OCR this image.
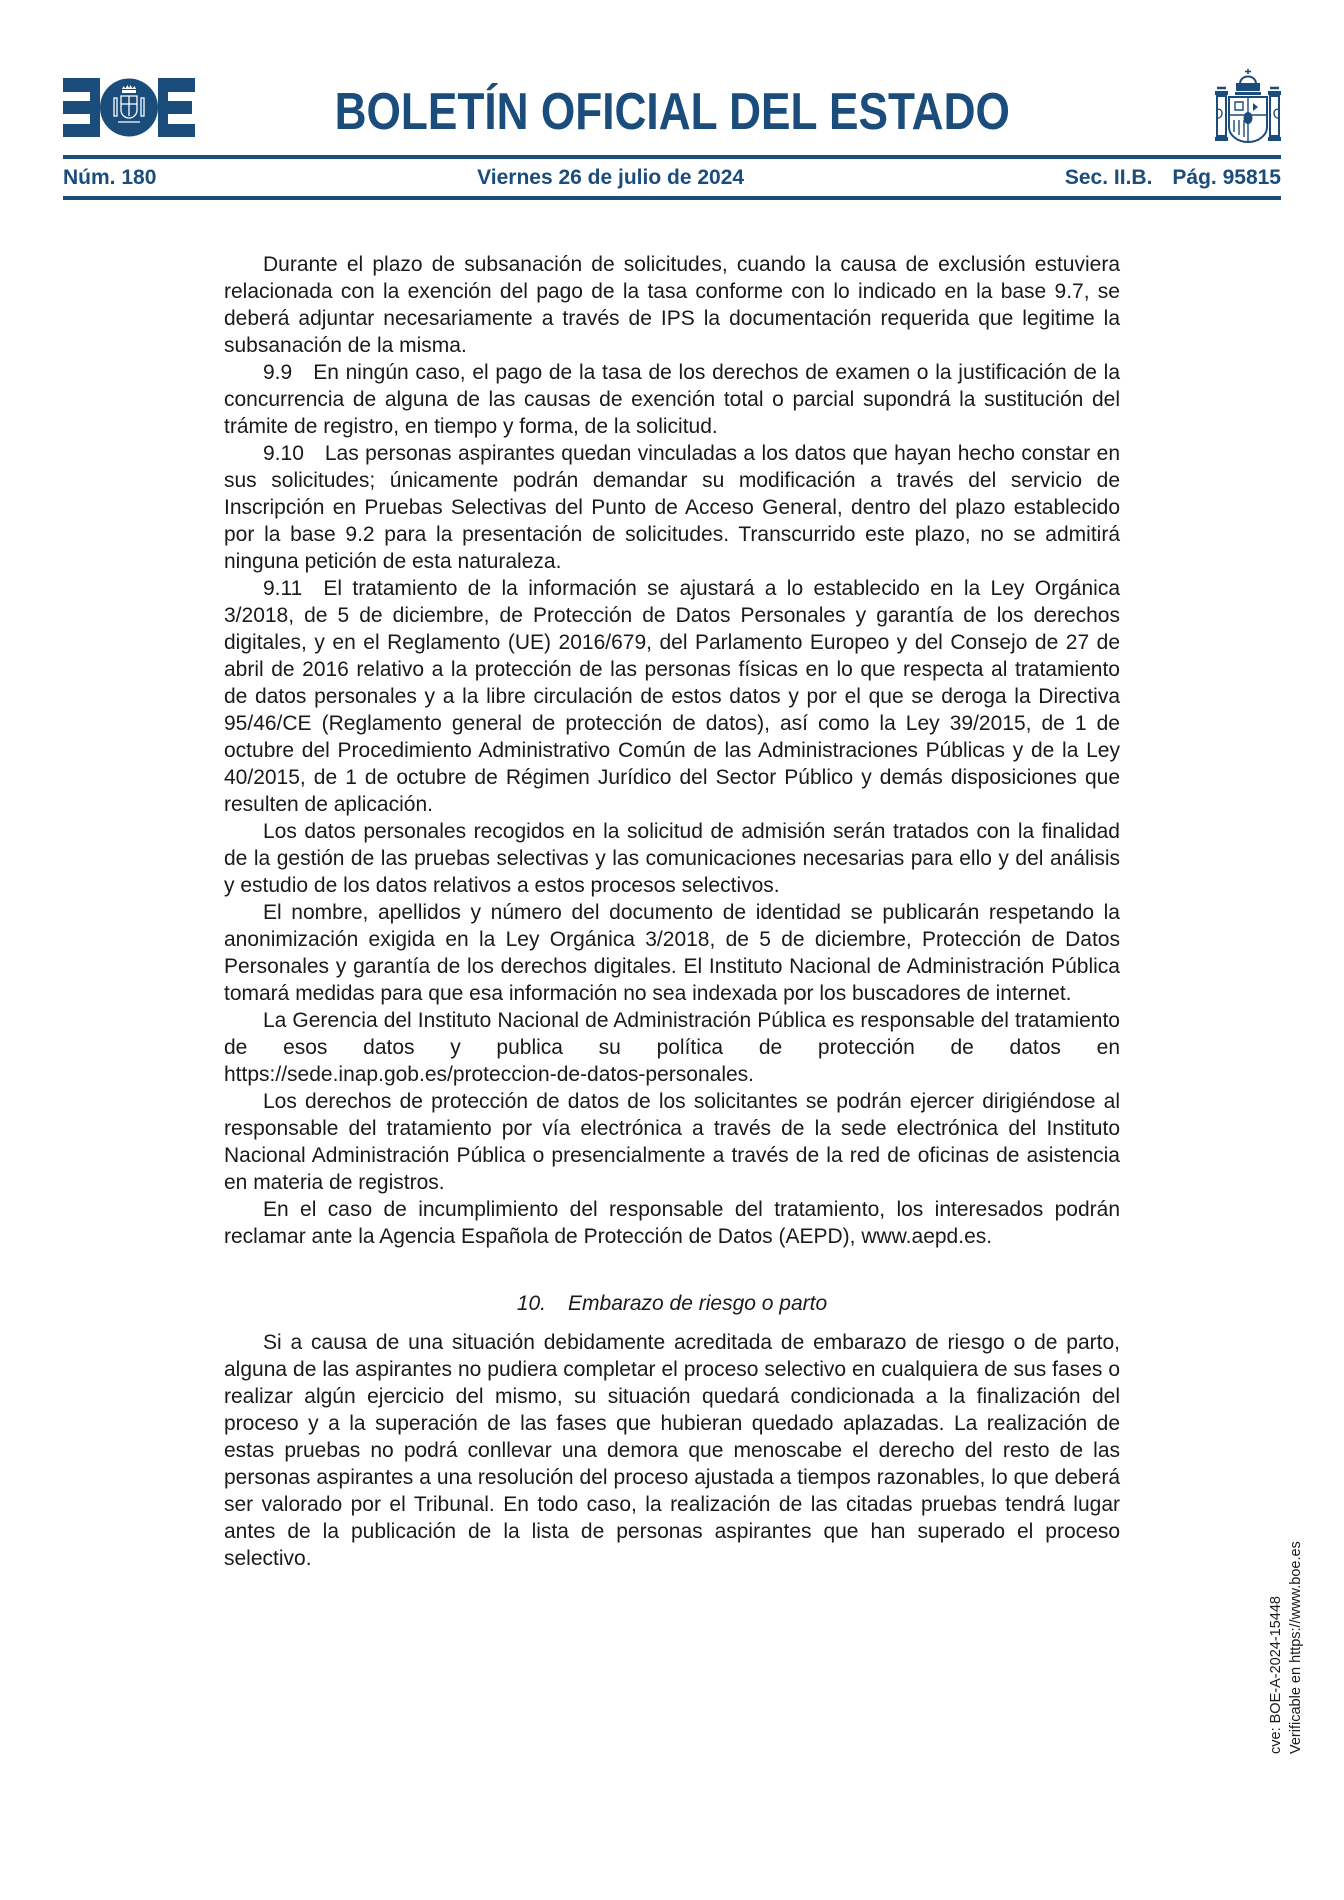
BOLETÍN OFICIAL DEL ESTADO
Núm. 180	Viernes 26 de julio de 2024	Sec. II.B. Pág. 95815

Durante el plazo de subsanación de solicitudes, cuando la causa de exclusión estuviera relacionada con la exención del pago de la tasa conforme con lo indicado en la base 9.7, se deberá adjuntar necesariamente a través de IPS la documentación requerida que legitime la subsanación de la misma.

9.9 En ningún caso, el pago de la tasa de los derechos de examen o la justificación de la concurrencia de alguna de las causas de exención total o parcial supondrá la sustitución del trámite de registro, en tiempo y forma, de la solicitud.

9.10 Las personas aspirantes quedan vinculadas a los datos que hayan hecho constar en sus solicitudes; únicamente podrán demandar su modificación a través del servicio de Inscripción en Pruebas Selectivas del Punto de Acceso General, dentro del plazo establecido por la base 9.2 para la presentación de solicitudes. Transcurrido este plazo, no se admitirá ninguna petición de esta naturaleza.

9.11 El tratamiento de la información se ajustará a lo establecido en la Ley Orgánica 3/2018, de 5 de diciembre, de Protección de Datos Personales y garantía de los derechos digitales, y en el Reglamento (UE) 2016/679, del Parlamento Europeo y del Consejo de 27 de abril de 2016 relativo a la protección de las personas físicas en lo que respecta al tratamiento de datos personales y a la libre circulación de estos datos y por el que se deroga la Directiva 95/46/CE (Reglamento general de protección de datos), así como la Ley 39/2015, de 1 de octubre del Procedimiento Administrativo Común de las Administraciones Públicas y de la Ley 40/2015, de 1 de octubre de Régimen Jurídico del Sector Público y demás disposiciones que resulten de aplicación.

Los datos personales recogidos en la solicitud de admisión serán tratados con la finalidad de la gestión de las pruebas selectivas y las comunicaciones necesarias para ello y del análisis y estudio de los datos relativos a estos procesos selectivos.

El nombre, apellidos y número del documento de identidad se publicarán respetando la anonimización exigida en la Ley Orgánica 3/2018, de 5 de diciembre, Protección de Datos Personales y garantía de los derechos digitales. El Instituto Nacional de Administración Pública tomará medidas para que esa información no sea indexada por los buscadores de internet.

La Gerencia del Instituto Nacional de Administración Pública es responsable del tratamiento de esos datos y publica su política de protección de datos en https://sede.inap.gob.es/proteccion-de-datos-personales.

Los derechos de protección de datos de los solicitantes se podrán ejercer dirigiéndose al responsable del tratamiento por vía electrónica a través de la sede electrónica del Instituto Nacional Administración Pública o presencialmente a través de la red de oficinas de asistencia en materia de registros.

En el caso de incumplimiento del responsable del tratamiento, los interesados podrán reclamar ante la Agencia Española de Protección de Datos (AEPD), www.aepd.es.

10. Embarazo de riesgo o parto

Si a causa de una situación debidamente acreditada de embarazo de riesgo o de parto, alguna de las aspirantes no pudiera completar el proceso selectivo en cualquiera de sus fases o realizar algún ejercicio del mismo, su situación quedará condicionada a la finalización del proceso y a la superación de las fases que hubieran quedado aplazadas. La realización de estas pruebas no podrá conllevar una demora que menoscabe el derecho del resto de las personas aspirantes a una resolución del proceso ajustada a tiempos razonables, lo que deberá ser valorado por el Tribunal. En todo caso, la realización de las citadas pruebas tendrá lugar antes de la publicación de la lista de personas aspirantes que han superado el proceso selectivo.

cve: BOE-A-2024-15448 Verificable en https://www.boe.es
